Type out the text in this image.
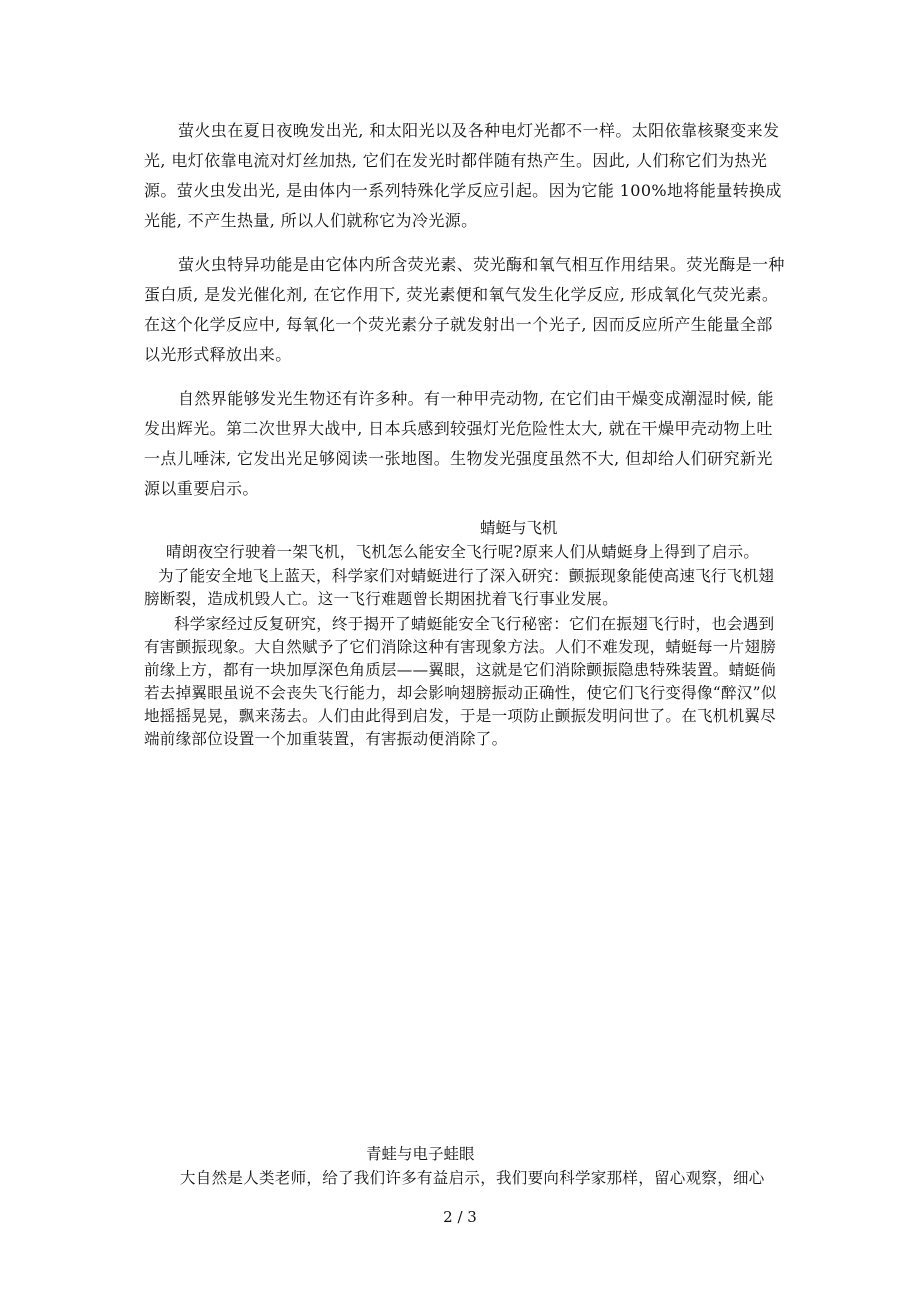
萤火虫在夏日夜晚发出光, 和太阳光以及各种电灯光都不一样。太阳依靠核聚变来发光, 电灯依靠电流对灯丝加热, 它们在发光时都伴随有热产生。因此, 人们称它们为热光源。萤火虫发出光, 是由体内一系列特殊化学反应引起。因为它能 100%地将能量转换成光能, 不产生热量, 所以人们就称它为冷光源。

萤火虫特异功能是由它体内所含荧光素、荧光酶和氧气相互作用结果。荧光酶是一种蛋白质, 是发光催化剂, 在它作用下, 荧光素便和氧气发生化学反应, 形成氧化气荧光素。在这个化学反应中, 每氧化一个荧光素分子就发射出一个光子, 因而反应所产生能量全部以光形式释放出来。

自然界能够发光生物还有许多种。有一种甲壳动物, 在它们由干燥变成潮湿时候, 能发出辉光。第二次世界大战中, 日本兵感到较强灯光危险性太大, 就在干燥甲壳动物上吐一点儿唾沫, 它发出光足够阅读一张地图。生物发光强度虽然不大, 但却给人们研究新光源以重要启示。

蜻蜓与飞机

晴朗夜空行驶着一架飞机，飞机怎么能安全飞行呢?原来人们从蜻蜓身上得到了启示。

为了能安全地飞上蓝天，科学家们对蜻蜓进行了深入研究：颤振现象能使高速飞行飞机翅膀断裂，造成机毁人亡。这一飞行难题曾长期困扰着飞行事业发展。

科学家经过反复研究，终于揭开了蜻蜓能安全飞行秘密：它们在振翅飞行时，也会遇到有害颤振现象。大自然赋予了它们消除这种有害现象方法。人们不难发现，蜻蜓每一片翅膀前缘上方，都有一块加厚深色角质层——翼眼，这就是它们消除颤振隐患特殊装置。蜻蜓倘若去掉翼眼虽说不会丧失飞行能力，却会影响翅膀振动正确性，使它们飞行变得像“醉汉”似地摇摇晃晃，飘来荡去。人们由此得到启发，于是一项防止颤振发明问世了。在飞机机翼尽端前缘部位设置一个加重装置，有害振动便消除了。

青蛙与电子蛙眼

大自然是人类老师，给了我们许多有益启示，我们要向科学家那样，留心观察，细心

2 / 3
